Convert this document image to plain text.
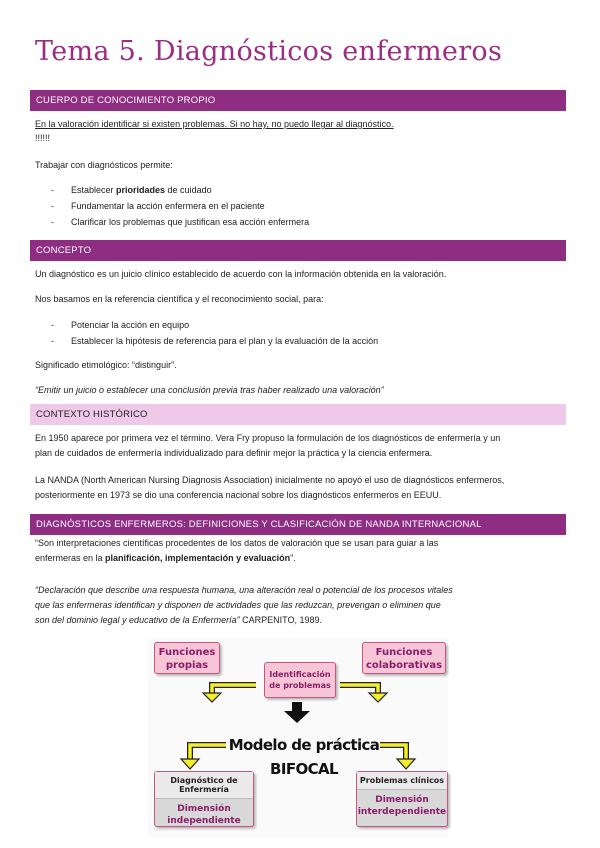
Tema 5. Diagnósticos enfermeros
CUERPO DE CONOCIMIENTO PROPIO
En la valoración identificar si existen problemas. Si no hay, no puedo llegar al diagnóstico.
!!!!!!
Trabajar con diagnósticos permite:
- Establecer prioridades de cuidado
- Fundamentar la acción enfermera en el paciente
- Clarificar los problemas que justifican esa acción enfermera
CONCEPTO
Un diagnóstico es un juicio clínico establecido de acuerdo con la información obtenida en la valoración.
Nos basamos en la referencia científica y el reconocimiento social, para:
- Potenciar la acción en equipo
- Establecer la hipótesis de referencia para el plan y la evaluación de la acción
Significado etimológico: “distinguir”.
“Emitir un juicio o establecer una conclusión previa tras haber realizado una valoración”
CONTEXTO HISTÓRICO
En 1950 aparece por primera vez el término. Vera Fry propuso la formulación de los diagnósticos de enfermería y un
plan de cuidados de enfermería individualizado para definir mejor la práctica y la ciencia enfermera.
La NANDA (North American Nursing Diagnosis Association) inicialmente no apoyó el uso de diagnósticos enfermeros,
posteriormente en 1973 se dio una conferencia nacional sobre los diagnósticos enfermeros en EEUU.
DIAGNÓSTICOS ENFERMEROS: DEFINICIONES Y CLASIFICACIÓN DE NANDA INTERNACIONAL
“Son interpretaciones científicas procedentes de los datos de valoración que se usan para guiar a las
enfermeras en la planificación, implementación y evaluación”.
“Declaración que describe una respuesta humana, una alteración real o potencial de los procesos vitales
que las enfermeras identifican y disponen de actividades que las reduzcan, prevengan o eliminen que
son del dominio legal y educativo de la Enfermería” CARPENITO, 1989.
Funciones propias
Identificación de problemas
Funciones colaborativas
Modelo de práctica BIFOCAL
Diagnóstico de Enfermería
Dimensión independiente
Problemas clínicos
Dimensión interdependiente
